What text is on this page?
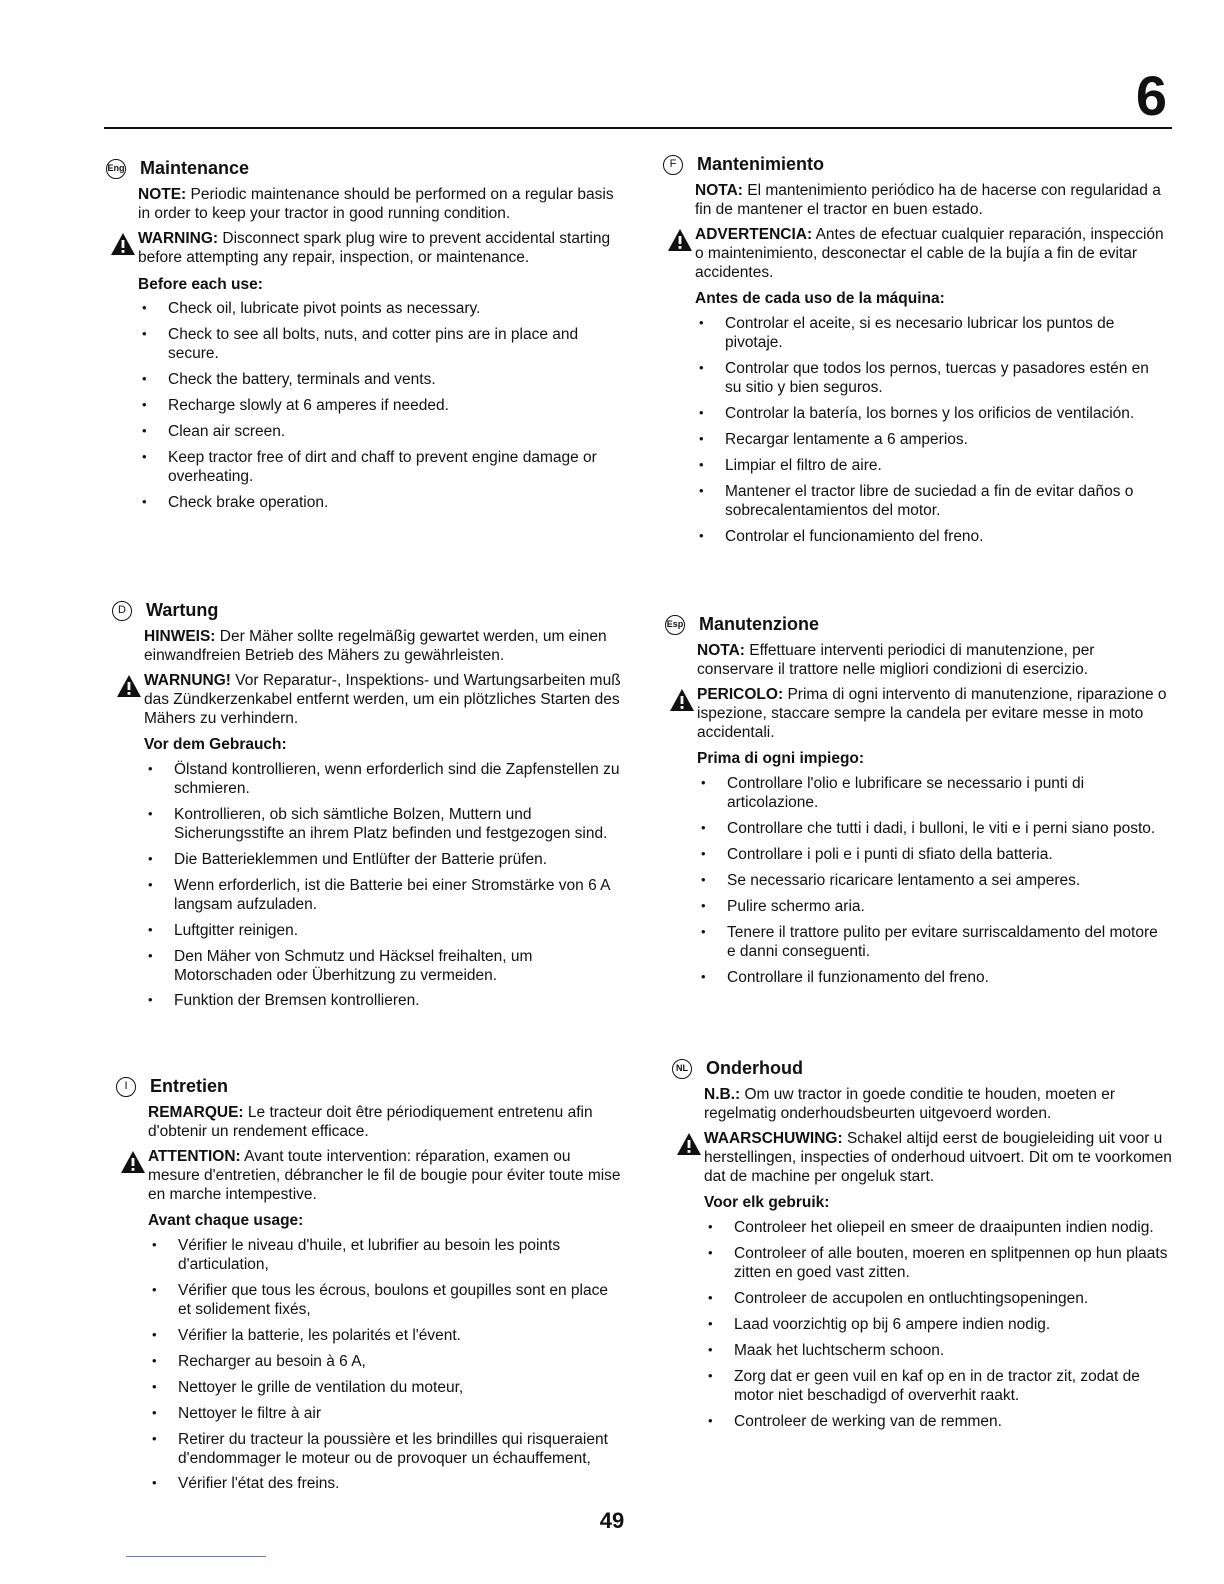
6
Eng Maintenance
NOTE: Periodic maintenance should be performed on a regular basis in order to keep your tractor in good running condition.
WARNING: Disconnect spark plug wire to prevent accidental starting before attempting any repair, inspection, or maintenance.
Before each use:
• Check oil, lubricate pivot points as necessary.
• Check to see all bolts, nuts, and cotter pins are in place and secure.
• Check the battery, terminals and vents.
• Recharge slowly at 6 amperes if needed.
• Clean air screen.
• Keep tractor free of dirt and chaff to prevent engine damage or overheating.
• Check brake operation.
F	Mantenimiento
NOTA: El mantenimiento periódico ha de hacerse con regularidad a fin de mantener el tractor en buen estado.
ADVERTENCIA: Antes de efectuar cualquier reparación, inspección o maintenimiento, desconectar el cable de la bujía a fin de evitar accidentes.
Antes de cada uso de la máquina:
• Controlar el aceite, si es necesario lubricar los puntos de pivotaje.
• Controlar que todos los pernos, tuercas y pasadores estén en su sitio y bien seguros.
• Controlar la batería, los bornes y los orificios de ventilación.
• Recargar lentamente a 6 amperios.
• Limpiar el filtro de aire.
• Mantener el tractor libre de suciedad a fin de evitar daños o sobrecalentamientos del motor.
• Controlar el funcionamiento del freno.
D	Wartung
HINWEIS: Der Mäher sollte regelmäßig gewartet werden, um einen einwandfreien Betrieb des Mähers zu gewährleisten.
WARNUNG! Vor Reparatur-, Inspektions- und Wartungsarbeiten muß das Zündkerzenkabel entfernt werden, um ein plötzliches Starten des Mähers zu verhindern.
Vor dem Gebrauch:
• Ölstand kontrollieren, wenn erforderlich sind die Zapfenstellen zu schmieren.
• Kontrollieren, ob sich sämtliche Bolzen, Muttern und Sicherungsstifte an ihrem Platz befinden und festgezogen sind.
• Die Batterieklemmen und Entlüfter der Batterie prüfen.
• Wenn erforderlich, ist die Batterie bei einer Stromstärke von 6 A langsam aufzuladen.
• Luftgitter reinigen.
• Den Mäher von Schmutz und Häcksel freihalten, um Motorschaden oder Überhitzung zu vermeiden.
• Funktion der Bremsen kontrollieren.
Esp Manutenzione
NOTA: Effettuare interventi periodici di manutenzione, per conservare il trattore nelle migliori condizioni di esercizio.
PERICOLO: Prima di ogni intervento di manutenzione, riparazione o ispezione, staccare sempre la candela per evitare messe in moto accidentali.
Prima di ogni impiego:
• Controllare l'olio e lubrificare se necessario i punti di articolazione.
• Controllare che tutti i dadi, i bulloni, le viti e i perni siano posto.
• Controllare i poli e i punti di sfiato della batteria.
• Se necessario ricaricare lentamento a sei amperes.
• Pulire schermo aria.
• Tenere il trattore pulito per evitare surriscaldamento del motore e danni conseguenti.
• Controllare il funzionamento del freno.
I	Entretien
REMARQUE: Le tracteur doit être périodiquement entretenu afin d'obtenir un rendement efficace.
ATTENTION: Avant toute intervention: réparation, examen ou mesure d'entretien, débrancher le fil de bougie pour éviter toute mise en marche intempestive.
Avant chaque usage:
• Vérifier le niveau d'huile, et lubrifier au besoin les points d'articulation,
• Vérifier que tous les écrous, boulons et goupilles sont en place et solidement fixés,
• Vérifier la batterie, les polarités et l'évent.
• Recharger au besoin à 6 A,
• Nettoyer le grille de ventilation du moteur,
• Nettoyer le filtre à air
• Retirer du tracteur la poussière et les brindilles qui risqueraient d'endommager le moteur ou de provoquer un échauffement,
• Vérifier l'état des freins.
NL Onderhoud
N.B.: Om uw tractor in goede conditie te houden, moeten er regelmatig onderhoudsbeurten uitgevoerd worden.
WAARSCHUWING: Schakel altijd eerst de bougieleiding uit voor u herstellingen, inspecties of onderhoud uitvoert. Dit om te voorkomen dat de machine per ongeluk start.
Voor elk gebruik:
• Controleer het oliepeil en smeer de draaipunten indien nodig.
• Controleer of alle bouten, moeren en splitpennen op hun plaats zitten en goed vast zitten.
• Controleer de accupolen en ontluchtingsopeningen.
• Laad voorzichtig op bij 6 ampere indien nodig.
• Maak het luchtscherm schoon.
• Zorg dat er geen vuil en kaf op en in de tractor zit, zodat de motor niet beschadigd of oververhit raakt.
• Controleer de werking van de remmen.
49
